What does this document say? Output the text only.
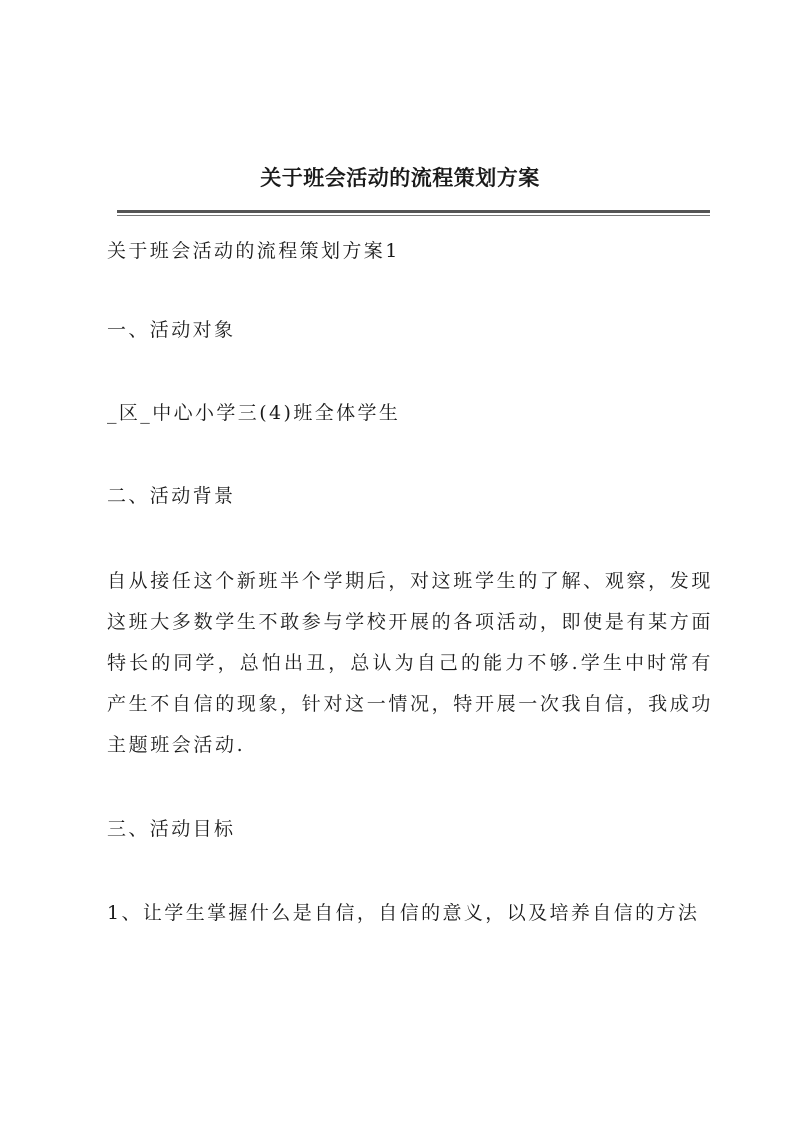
关于班会活动的流程策划方案

关于班会活动的流程策划方案1

一、活动对象

_区_中心小学三(4)班全体学生

二、活动背景

自从接任这个新班半个学期后，对这班学生的了解、观察，发现这班大多数学生不敢参与学校开展的各项活动，即使是有某方面特长的同学，总怕出丑，总认为自己的能力不够.学生中时常有产生不自信的现象，针对这一情况，特开展一次我自信，我成功主题班会活动.

三、活动目标

1、让学生掌握什么是自信，自信的意义，以及培养自信的方法
